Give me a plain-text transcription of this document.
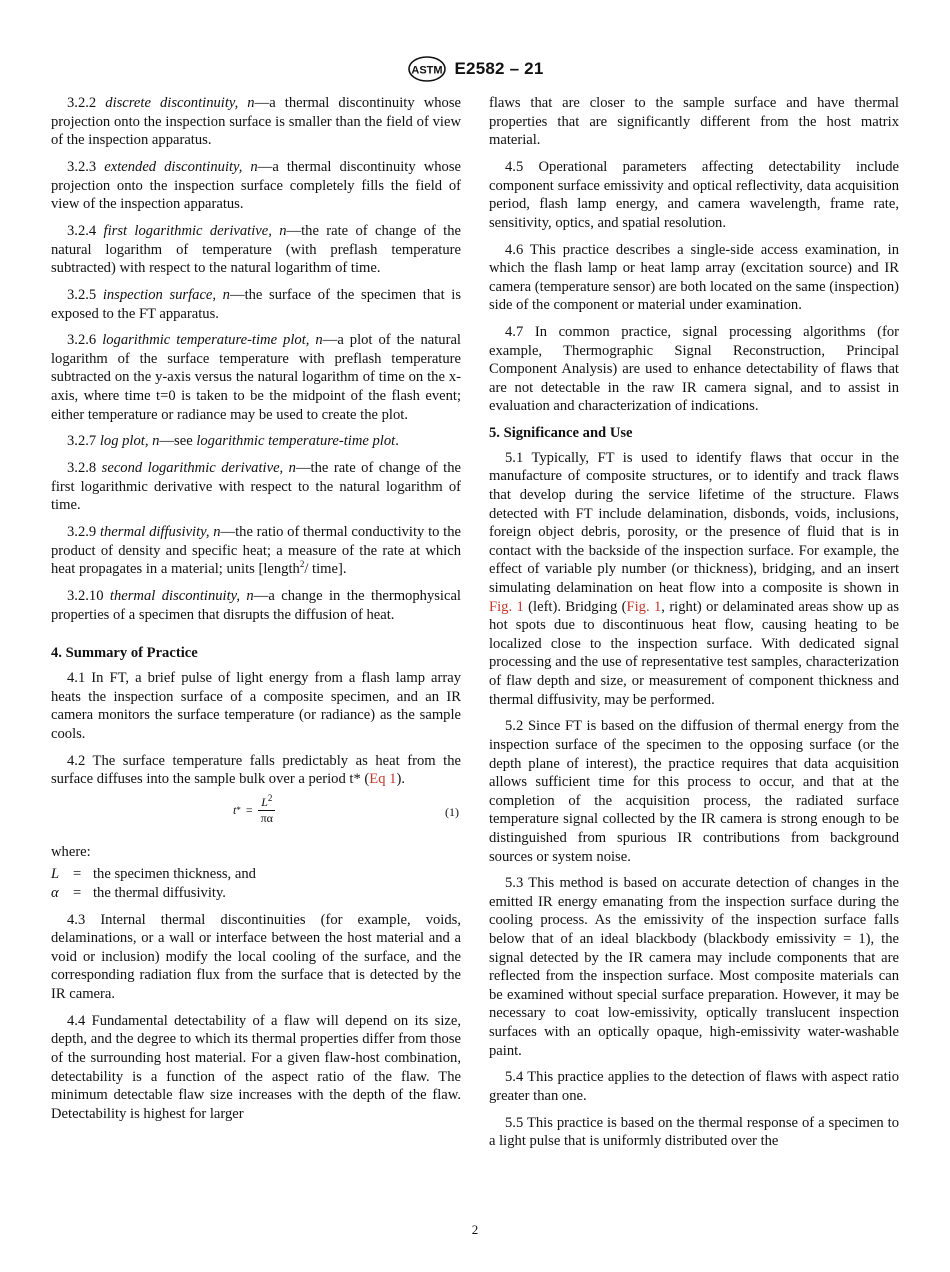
ASTM E2582 – 21

3.2.2 discrete discontinuity, n—a thermal discontinuity whose projection onto the inspection surface is smaller than the field of view of the inspection apparatus.

3.2.3 extended discontinuity, n—a thermal discontinuity whose projection onto the inspection surface completely fills the field of view of the inspection apparatus.

3.2.4 first logarithmic derivative, n—the rate of change of the natural logarithm of temperature (with preflash temperature subtracted) with respect to the natural logarithm of time.

3.2.5 inspection surface, n—the surface of the specimen that is exposed to the FT apparatus.

3.2.6 logarithmic temperature-time plot, n—a plot of the natural logarithm of the surface temperature with preflash temperature subtracted on the y-axis versus the natural logarithm of time on the x-axis, where time t=0 is taken to be the midpoint of the flash event; either temperature or radiance may be used to create the plot.

3.2.7 log plot, n—see logarithmic temperature-time plot.

3.2.8 second logarithmic derivative, n—the rate of change of the first logarithmic derivative with respect to the natural logarithm of time.

3.2.9 thermal diffusivity, n—the ratio of thermal conductivity to the product of density and specific heat; a measure of the rate at which heat propagates in a material; units [length$^2$/ time].

3.2.10 thermal discontinuity, n—a change in the thermophysical properties of a specimen that disrupts the diffusion of heat.

4. Summary of Practice

4.1 In FT, a brief pulse of light energy from a flash lamp array heats the inspection surface of a composite specimen, and an IR camera monitors the surface temperature (or radiance) as the sample cools.

4.2 The surface temperature falls predictably as heat from the surface diffuses into the sample bulk over a period t* (Eq 1).

t * = $\frac{L^2}{\pi\alpha}$	(1)

where:

L = the specimen thickness, and
α = the thermal diffusivity.

4.3 Internal thermal discontinuities (for example, voids, delaminations, or a wall or interface between the host material and a void or inclusion) modify the local cooling of the surface, and the corresponding radiation flux from the surface that is detected by the IR camera.

4.4 Fundamental detectability of a flaw will depend on its size, depth, and the degree to which its thermal properties differ from those of the surrounding host material. For a given flaw-host combination, detectability is a function of the aspect ratio of the flaw. The minimum detectable flaw size increases with the depth of the flaw. Detectability is highest for larger

flaws that are closer to the sample surface and have thermal properties that are significantly different from the host matrix material.

4.5 Operational parameters affecting detectability include component surface emissivity and optical reflectivity, data acquisition period, flash lamp energy, and camera wavelength, frame rate, sensitivity, optics, and spatial resolution.

4.6 This practice describes a single-side access examination, in which the flash lamp or heat lamp array (excitation source) and IR camera (temperature sensor) are both located on the same (inspection) side of the component or material under examination.

4.7 In common practice, signal processing algorithms (for example, Thermographic Signal Reconstruction, Principal Component Analysis) are used to enhance detectability of flaws that are not detectable in the raw IR camera signal, and to assist in evaluation and characterization of indications.

5. Significance and Use

5.1 Typically, FT is used to identify flaws that occur in the manufacture of composite structures, or to identify and track flaws that develop during the service lifetime of the structure. Flaws detected with FT include delamination, disbonds, voids, inclusions, foreign object debris, porosity, or the presence of fluid that is in contact with the backside of the inspection surface. For example, the effect of variable ply number (or thickness), bridging, and an insert simulating delamination on heat flow into a composite is shown in Fig. 1 (left). Bridging (Fig. 1, right) or delaminated areas show up as hot spots due to discontinuous heat flow, causing heating to be localized close to the inspection surface. With dedicated signal processing and the use of representative test samples, characterization of flaw depth and size, or measurement of component thickness and thermal diffusivity, may be performed.

5.2 Since FT is based on the diffusion of thermal energy from the inspection surface of the specimen to the opposing surface (or the depth plane of interest), the practice requires that data acquisition allows sufficient time for this process to occur, and that at the completion of the acquisition process, the radiated surface temperature signal collected by the IR camera is strong enough to be distinguished from spurious IR contributions from background sources or system noise.

5.3 This method is based on accurate detection of changes in the emitted IR energy emanating from the inspection surface during the cooling process. As the emissivity of the inspection surface falls below that of an ideal blackbody (blackbody emissivity = 1), the signal detected by the IR camera may include components that are reflected from the inspection surface. Most composite materials can be examined without special surface preparation. However, it may be necessary to coat low-emissivity, optically translucent inspection surfaces with an optically opaque, high-emissivity water-washable paint.

5.4 This practice applies to the detection of flaws with aspect ratio greater than one.

5.5 This practice is based on the thermal response of a specimen to a light pulse that is uniformly distributed over the

2
